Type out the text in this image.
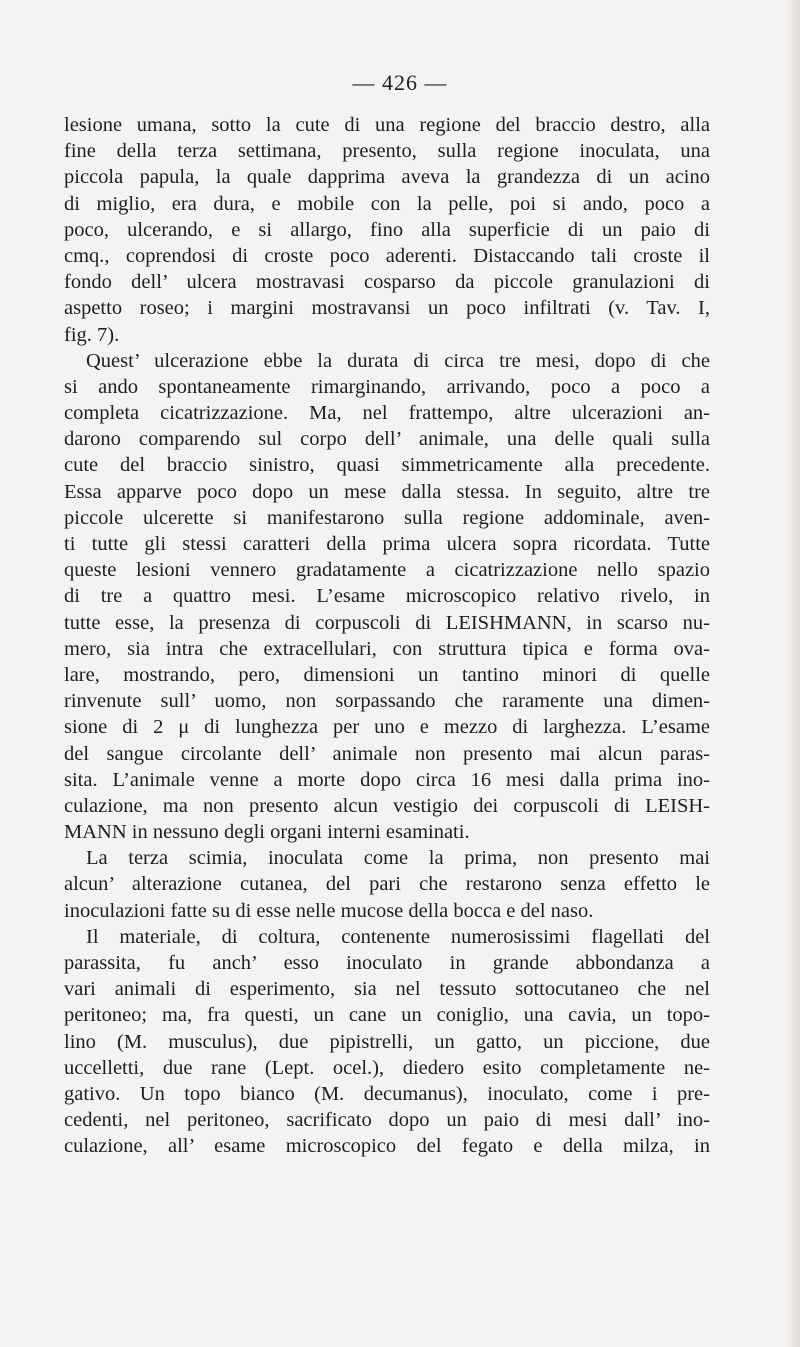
— 426 —
lesione umana, sotto la cute di una regione del braccio destro, alla
fine della terza settimana, presento, sulla regione inoculata, una
piccola papula, la quale dapprima aveva la grandezza di un acino
di miglio, era dura, e mobile con la pelle, poi si ando, poco a
poco, ulcerando, e si allargo, fino alla superficie di un paio di
cmq., coprendosi di croste poco aderenti. Distaccando tali croste il
fondo dell’ ulcera mostravasi cosparso da piccole granulazioni di
aspetto roseo; i margini mostravansi un poco infiltrati (v. Tav. I,
fig. 7).
Quest’ ulcerazione ebbe la durata di circa tre mesi, dopo di che
si ando spontaneamente rimarginando, arrivando, poco a poco a
completa cicatrizzazione. Ma, nel frattempo, altre ulcerazioni an-
darono comparendo sul corpo dell’ animale, una delle quali sulla
cute del braccio sinistro, quasi simmetricamente alla precedente.
Essa apparve poco dopo un mese dalla stessa. In seguito, altre tre
piccole ulcerette si manifestarono sulla regione addominale, aven-
ti tutte gli stessi caratteri della prima ulcera sopra ricordata. Tutte
queste lesioni vennero gradatamente a cicatrizzazione nello spazio
di tre a quattro mesi. L’esame microscopico relativo rivelo, in
tutte esse, la presenza di corpuscoli di LEISHMANN, in scarso nu-
mero, sia intra che extracellulari, con struttura tipica e forma ova-
lare, mostrando, pero, dimensioni un tantino minori di quelle
rinvenute sull’ uomo, non sorpassando che raramente una dimen-
sione di 2 μ di lunghezza per uno e mezzo di larghezza. L’esame
del sangue circolante dell’ animale non presento mai alcun paras-
sita. L’animale venne a morte dopo circa 16 mesi dalla prima ino-
culazione, ma non presento alcun vestigio dei corpuscoli di LEISH-
MANN in nessuno degli organi interni esaminati.
La terza scimia, inoculata come la prima, non presento mai
alcun’ alterazione cutanea, del pari che restarono senza effetto le
inoculazioni fatte su di esse nelle mucose della bocca e del naso.
Il materiale, di coltura, contenente numerosissimi flagellati del
parassita, fu anch’ esso inoculato in grande abbondanza a
vari animali di esperimento, sia nel tessuto sottocutaneo che nel
peritoneo; ma, fra questi, un cane un coniglio, una cavia, un topo-
lino (M. musculus), due pipistrelli, un gatto, un piccione, due
uccelletti, due rane (Lept. ocel.), diedero esito completamente ne-
gativo. Un topo bianco (M. decumanus), inoculato, come i pre-
cedenti, nel peritoneo, sacrificato dopo un paio di mesi dall’ ino-
culazione, all’ esame microscopico del fegato e della milza, in
